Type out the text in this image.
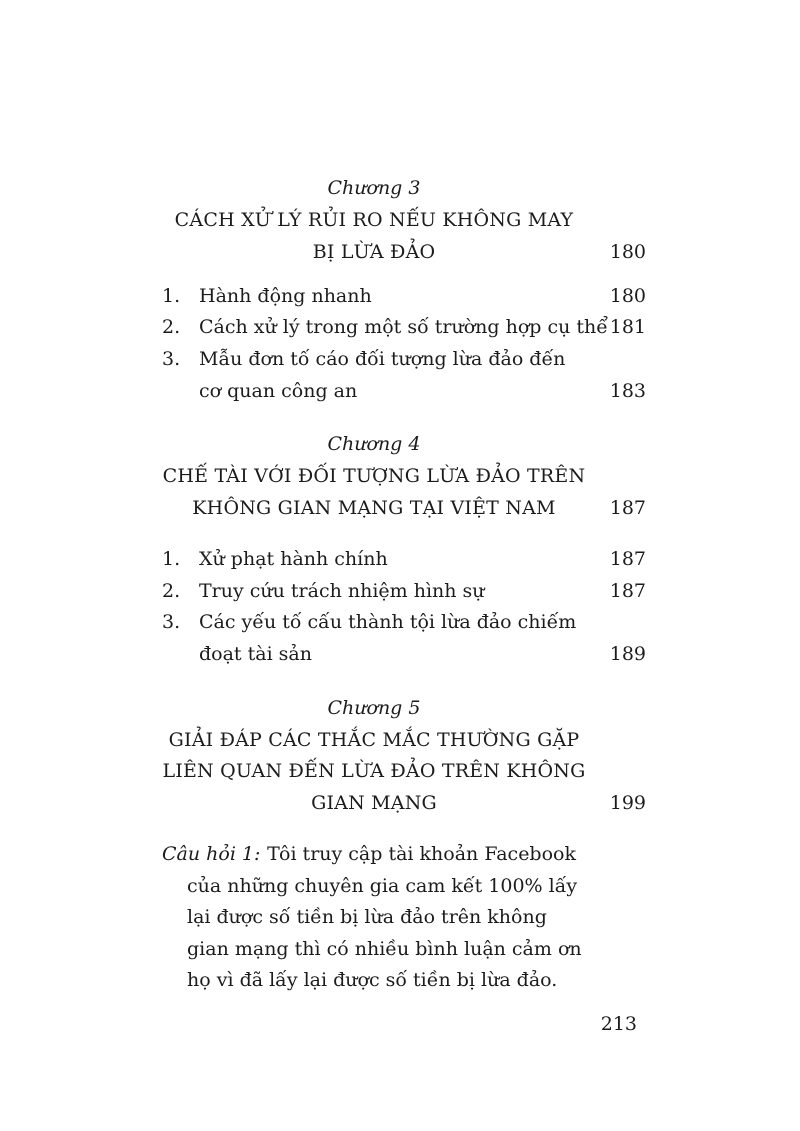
Chương 3
CÁCH XỬ LÝ RỦI RO NẾU KHÔNG MAY
BỊ LỪA ĐẢO	180
1. Hành động nhanh	180
2. Cách xử lý trong một số trường hợp cụ thể 181
3. Mẫu đơn tố cáo đối tượng lừa đảo đến
cơ quan công an	183
Chương 4
CHẾ TÀI VỚI ĐỐI TƯỢNG LỪA ĐẢO TRÊN
KHÔNG GIAN MẠNG TẠI VIỆT NAM	187
1. Xử phạt hành chính	187
2. Truy cứu trách nhiệm hình sự	187
3. Các yếu tố cấu thành tội lừa đảo chiếm
đoạt tài sản	189
Chương 5
GIẢI ĐÁP CÁC THẮC MẮC THƯỜNG GẶP
LIÊN QUAN ĐẾN LỪA ĐẢO TRÊN KHÔNG
GIAN MẠNG	199
Câu hỏi 1: Tôi truy cập tài khoản Facebook
của những chuyên gia cam kết 100% lấy
lại được số tiền bị lừa đảo trên không
gian mạng thì có nhiều bình luận cảm ơn
họ vì đã lấy lại được số tiền bị lừa đảo.
213
